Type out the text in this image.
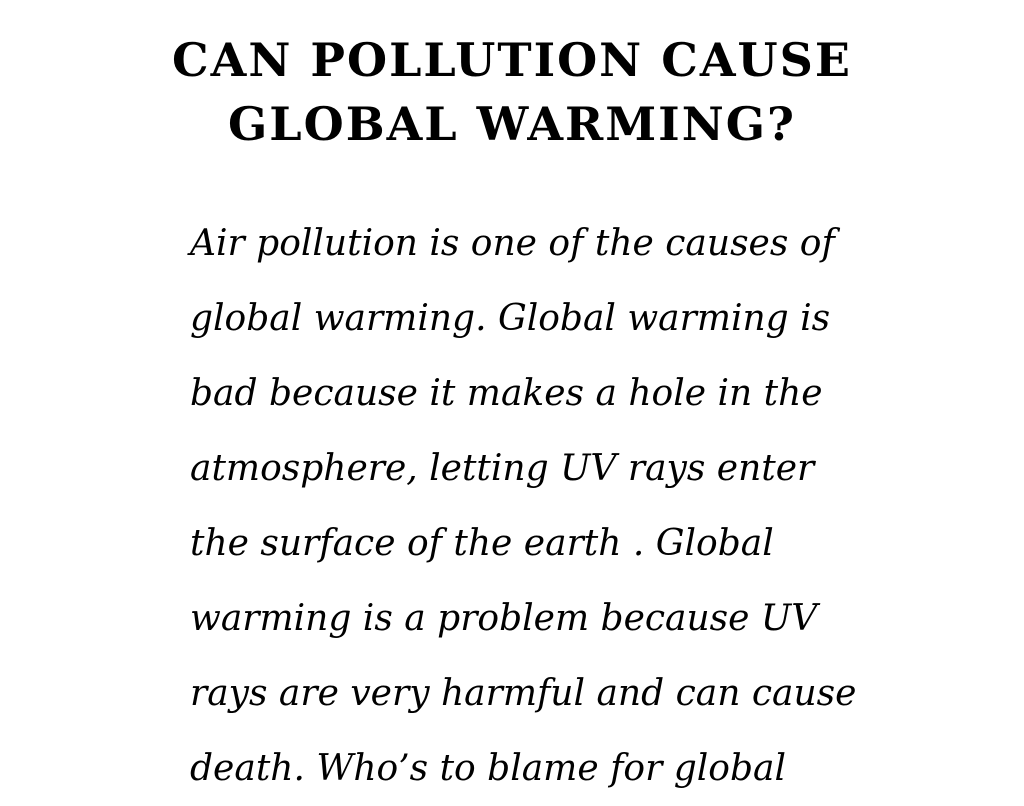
CAN POLLUTION CAUSE GLOBAL WARMING?

Air pollution is one of the causes of
global warming. Global warming is
bad because it makes a hole in the
atmosphere, letting UV rays enter
the surface of the earth . Global
warming is a problem because UV
rays are very harmful and can cause
death. Who’s to blame for global
